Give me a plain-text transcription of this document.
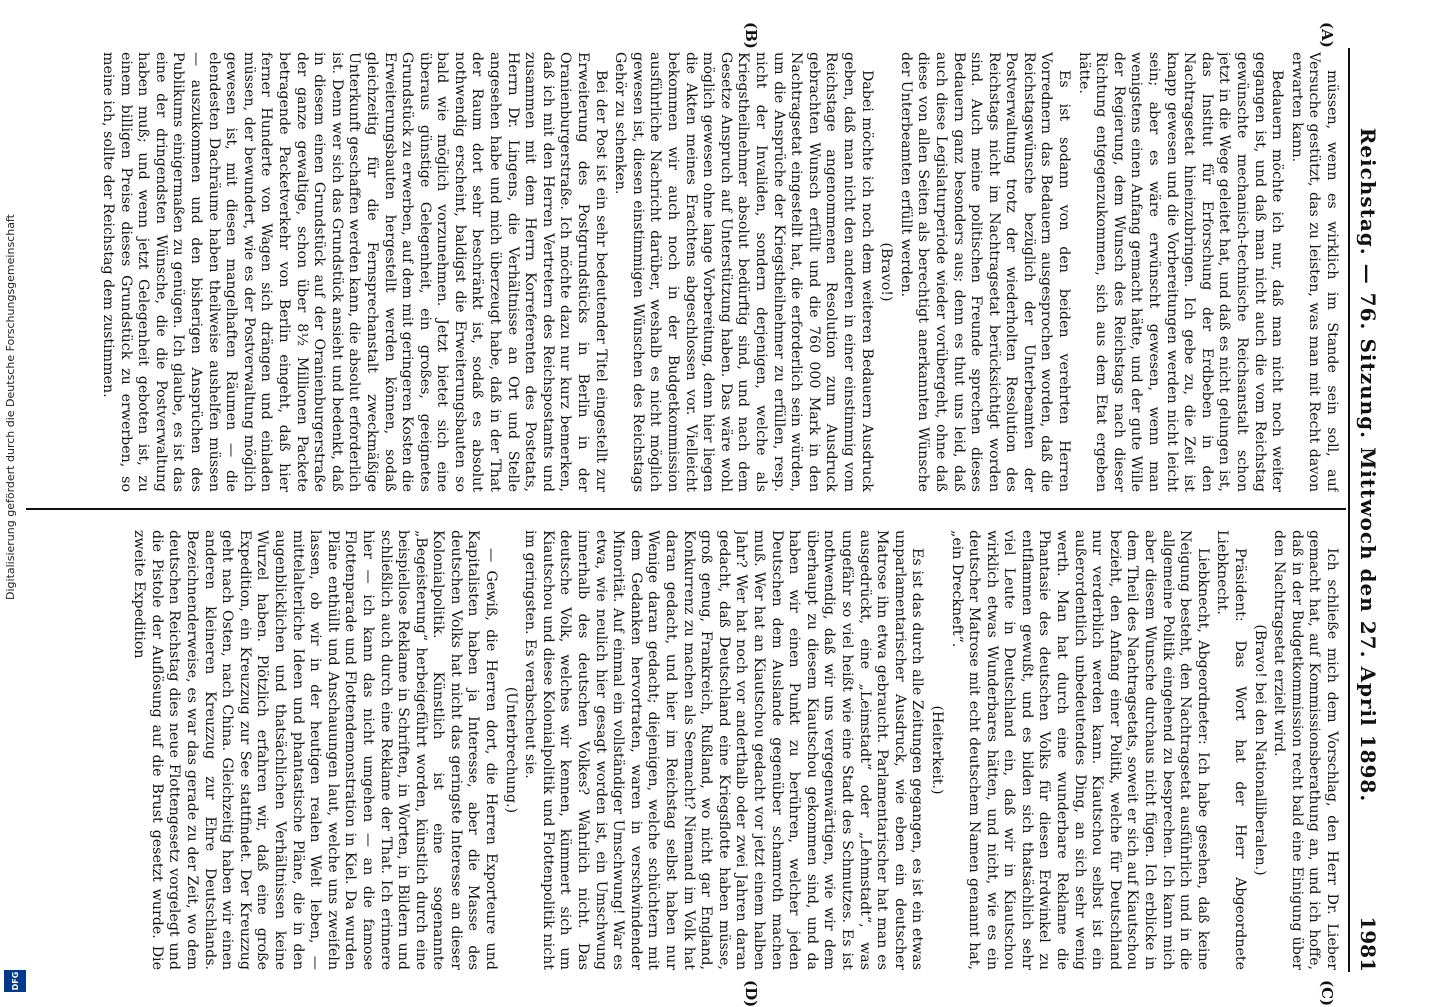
Reichstag. — 76. Sitzung. Mittwoch den 27. April 1898.
1981
(A)
(B)
(C)
(D)

müssen, wenn es wirklich im Stande sein soll, auf Versuche gestützt, das zu leisten, was man mit Recht davon erwarten kann.

Bedauern möchte ich nur, daß man nicht noch weiter gegangen ist, und daß man nicht auch die vom Reichstag gewünschte mechanisch-technische Reichsanstalt schon jetzt in die Wege geleitet hat, und daß es nicht gelungen ist, das Institut für Erforschung der Erdbeben in den Nachtragsetat hineinzubringen. Ich gebe zu, die Zeit ist knapp gewesen und die Vorbereitungen werden nicht leicht sein; aber es wäre erwünscht gewesen, wenn man wenigstens einen Anfang gemacht hätte, und der gute Wille der Regierung, dem Wunsch des Reichstags nach dieser Richtung entgegenzukommen, sich aus dem Etat ergeben hätte.

Es ist sodann von den beiden verehrten Herren Vorrednern das Bedauern ausgesprochen worden, daß die Reichstagswünsche bezüglich der Unterbeamten der Postverwaltung trotz der wiederholten Resolution des Reichstags nicht im Nachtragsetat berücksichtigt worden sind. Auch meine politischen Freunde sprechen dieses Bedauern ganz besonders aus; denn es thut uns leid, daß auch diese Legislaturperiode wieder vorübergeht, ohne daß diese von allen Seiten als berechtigt anerkannten Wünsche der Unterbeamten erfüllt werden.

(Bravo!)

Dabei möchte ich noch dem weiteren Bedauern Ausdruck geben, daß man nicht den anderen in einer einstimmig vom Reichstage angenommenen Resolution zum Ausdruck gebrachten Wunsch erfüllt und die 760 000 Mark in den Nachtragsetat eingestellt hat, die erforderlich sein würden, um die Ansprüche der Kriegstheilnehmer zu erfüllen, resp. nicht der Invaliden, sondern derjenigen, welche als Kriegstheilnehmer absolut bedürftig sind, und nach dem Gesetze Anspruch auf Unterstützung haben. Das wäre wohl möglich gewesen ohne lange Vorbereitung, denn hier liegen die Akten meines Erachtens abgeschlossen vor. Vielleicht bekommen wir auch noch in der Budgetkommission ausführliche Nachricht darüber, weshalb es nicht möglich gewesen ist, diesen einstimmigen Wünschen des Reichstags Gehör zu schenken.

Bei der Post ist ein sehr bedeutender Titel eingestellt zur Erweiterung des Postgrundstücks in Berlin in der Oranienburgerstraße. Ich möchte dazu nur kurz bemerken, daß ich mit den Herren Vertretern des Reichspostamts und zusammen mit dem Herrn Korreferenten des Postetats, Herrn Dr. Lingens, die Verhältnisse an Ort und Stelle angesehen habe und mich überzeugt habe, daß in der That der Raum dort sehr beschränkt ist, sodaß es absolut nothwendig erscheint, baldigst die Erweiterungsbauten so bald wie möglich vorzunehmen. Jetzt bietet sich eine überaus günstige Gelegenheit, ein großes, geeignetes Grundstück zu erwerben, auf dem mit geringeren Kosten die Erweiterungsbauten hergestellt werden können, sodaß gleichzeitig für die Fernsprechanstalt zweckmäßige Unterkunft geschaffen werden kann, die absolut erforderlich ist. Denn wer sich das Grundstück ansieht und bedenkt, daß in diesem einen Grundstück auf der Oranienburgerstraße der ganze gewaltige, schon über 8½ Millionen Packete betragende Packetverkehr von Berlin eingeht, daß hier ferner Hunderte von Wagen sich drängen und einladen müssen, der bewundert, wie es der Postverwaltung möglich gewesen ist, mit diesen mangelhaften Räumen — die elendesten Dachräume haben theilweise aushelfen müssen — auszukommen und den bisherigen Ansprüchen des Publikums einigermaßen zu genügen. Ich glaube, es ist das eine der dringendsten Wünsche, die die Postverwaltung haben muß; und wenn jetzt Gelegenheit geboten ist, zu einem billigen Preise dieses Grundstück zu erwerben, so meine ich, sollte der Reichstag dem zustimmen.

Ich schließe mich dem Vorschlag, den Herr Dr. Lieber gemacht hat, auf Kommissionsberathung an, und ich hoffe, daß in der Budgetkommission recht bald eine Einigung über den Nachtragsetat erzielt wird.

(Bravo! bei den Nationalliberalen.)

Präsident: Das Wort hat der Herr Abgeordnete Liebknecht.

Liebknecht, Abgeordneter: Ich habe gesehen, daß keine Neigung besteht, den Nachtragsetat ausführlich und in die allgemeine Politik eingehend zu besprechen. Ich kann mich aber diesem Wunsche durchaus nicht fügen. Ich erblicke in dem Theil des Nachtragsetats, soweit er sich auf Kiautschou bezieht, den Anfang einer Politik, welche für Deutschland nur verderblich werden kann. Kiautschou selbst ist ein außerordentlich unbedeutendes Ding, an sich sehr wenig werth. Man hat durch eine wunderbare Reklame die Phantasie des deutschen Volks für diesen Erdwinkel zu entflammen gewußt, und es bilden sich thatsächlich sehr viel Leute in Deutschland ein, daß wir in Kiautschou wirklich etwas Wunderbares hätten, und nicht, wie es ein deutscher Matrose mit echt deutschem Namen genannt hat, „ein Dreckneft“.

(Heiterkeit.)

Es ist das durch alle Zeitungen gegangen, es ist ein etwas unparlamentarischer Ausdruck, wie eben ein deutscher Matrose ihn etwa gebraucht. Parlamentarischer hat man es ausgedrückt, eine „Leimstadt“ oder „Lehmstadt“, was ungefähr so viel heißt wie eine Stadt des Schmutzes. Es ist nothwendig, daß wir uns vergegenwärtigen, wie wir dem überhaupt zu diesem Kiautschou gekommen sind, und da haben wir einen Punkt zu berühren, welcher jeden Deutschen dem Auslande gegenüber schamroth machen muß. Wer hat an Kiautschou gedacht vor jetzt einem halben Jahr? Wer hat noch vor anderthalb oder zwei Jahren daran gedacht, daß Deutschland eine Kriegsflotte haben müsse, groß genug, Frankreich, Rußland, wo nicht gar England, Konkurrenz zu machen als Seemacht? Niemand im Volk hat daran gedacht, und hier im Reichstag selbst haben nur Wenige daran gedacht; diejenigen, welche schüchtern mit dem Gedanken hervortraten, waren in verschwindender Minorität. Auf einmal ein vollständiger Umschwung! War es etwa, wie neulich hier gesagt worden ist, ein Umschwung innerhalb des deutschen Volkes? Wahrlich nicht. Das deutsche Volk, welches wir kennen, kümmert sich um Kiautschou und diese Kolonialpolitik und Flottenpolitik nicht im geringsten. Es verabscheut sie.

(Unterbrechung.)

— Gewiß, die Herren dort, die Herren Exporteure und Kapitalisten haben ja Interesse, aber die Masse des deutschen Volks hat nicht das geringste Interesse an dieser Kolonialpolitik. Künstlich ist eine sogenannte „Begeisterung“ herbeigeführt worden, künstlich durch eine beispiellose Reklame in Schriften, in Worten, in Bildern und schließlich auch durch eine Reklame der That. Ich erinnere hier — ich kann das nicht umgehen — an die famose Flottenparade und Flottendemonstration in Kiel. Da wurden Pläne enthüllt und Anschauungen laut, welche uns zweifeln lassen, ob wir in der heutigen realen Welt leben, — mittelalterliche Ideen und phantastische Pläne, die in den augenblicklichen und thatsächlichen Verhältnissen keine Wurzel haben. Plötzlich erfahren wir, daß eine große Expedition, ein Kreuzzug zur See stattfindet. Der Kreuzzug geht nach Osten, nach China. Gleichzeitig haben wir einen anderen kleineren Kreuzzug zur Ehre Deutschlands. Bezeichnenderweise, es war das gerade zu der Zeit, wo dem deutschen Reichstag dies neue Flottengesetz vorgelegt und die Pistole der Auflösung auf die Brust gesetzt wurde. Die zweite Expedition

Digitalisierung gefördert durch die Deutsche Forschungsgemeinschaft
DFG
